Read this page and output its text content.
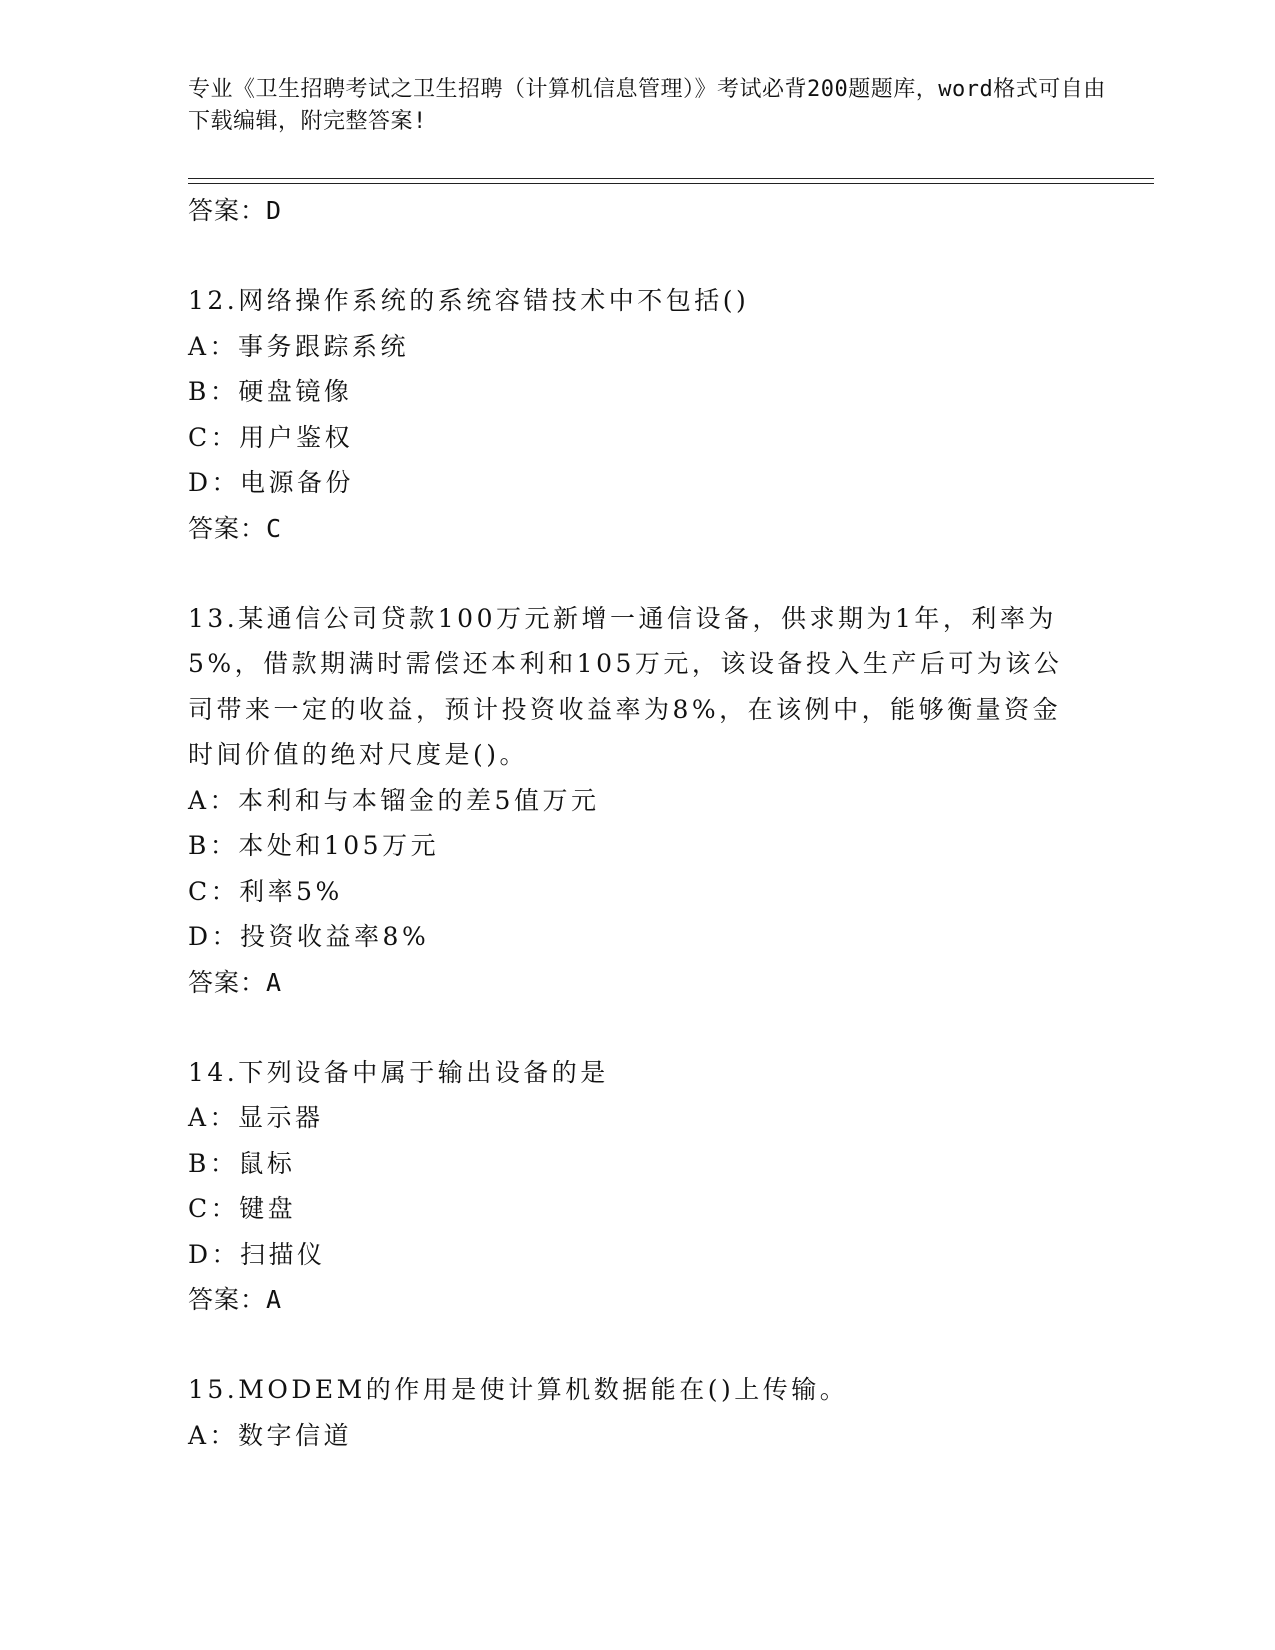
专业《卫生招聘考试之卫生招聘（计算机信息管理）》考试必背200题题库，word格式可自由下载编辑，附完整答案!
答案：D
12.网络操作系统的系统容错技术中不包括()
A：事务跟踪系统
B：硬盘镜像
C：用户鉴权
D：电源备份
答案：C
13.某通信公司贷款100万元新增一通信设备，供求期为1年，利率为5%，借款期满时需偿还本利和105万元，该设备投入生产后可为该公司带来一定的收益，预计投资收益率为8%，在该例中，能够衡量资金时间价值的绝对尺度是()。
A：本利和与本镏金的差5值万元
B：本处和105万元
C：利率5%
D：投资收益率8%
答案：A
14.下列设备中属于输出设备的是
A：显示器
B：鼠标
C：键盘
D：扫描仪
答案：A
15.MODEM的作用是使计算机数据能在()上传输。
A：数字信道
